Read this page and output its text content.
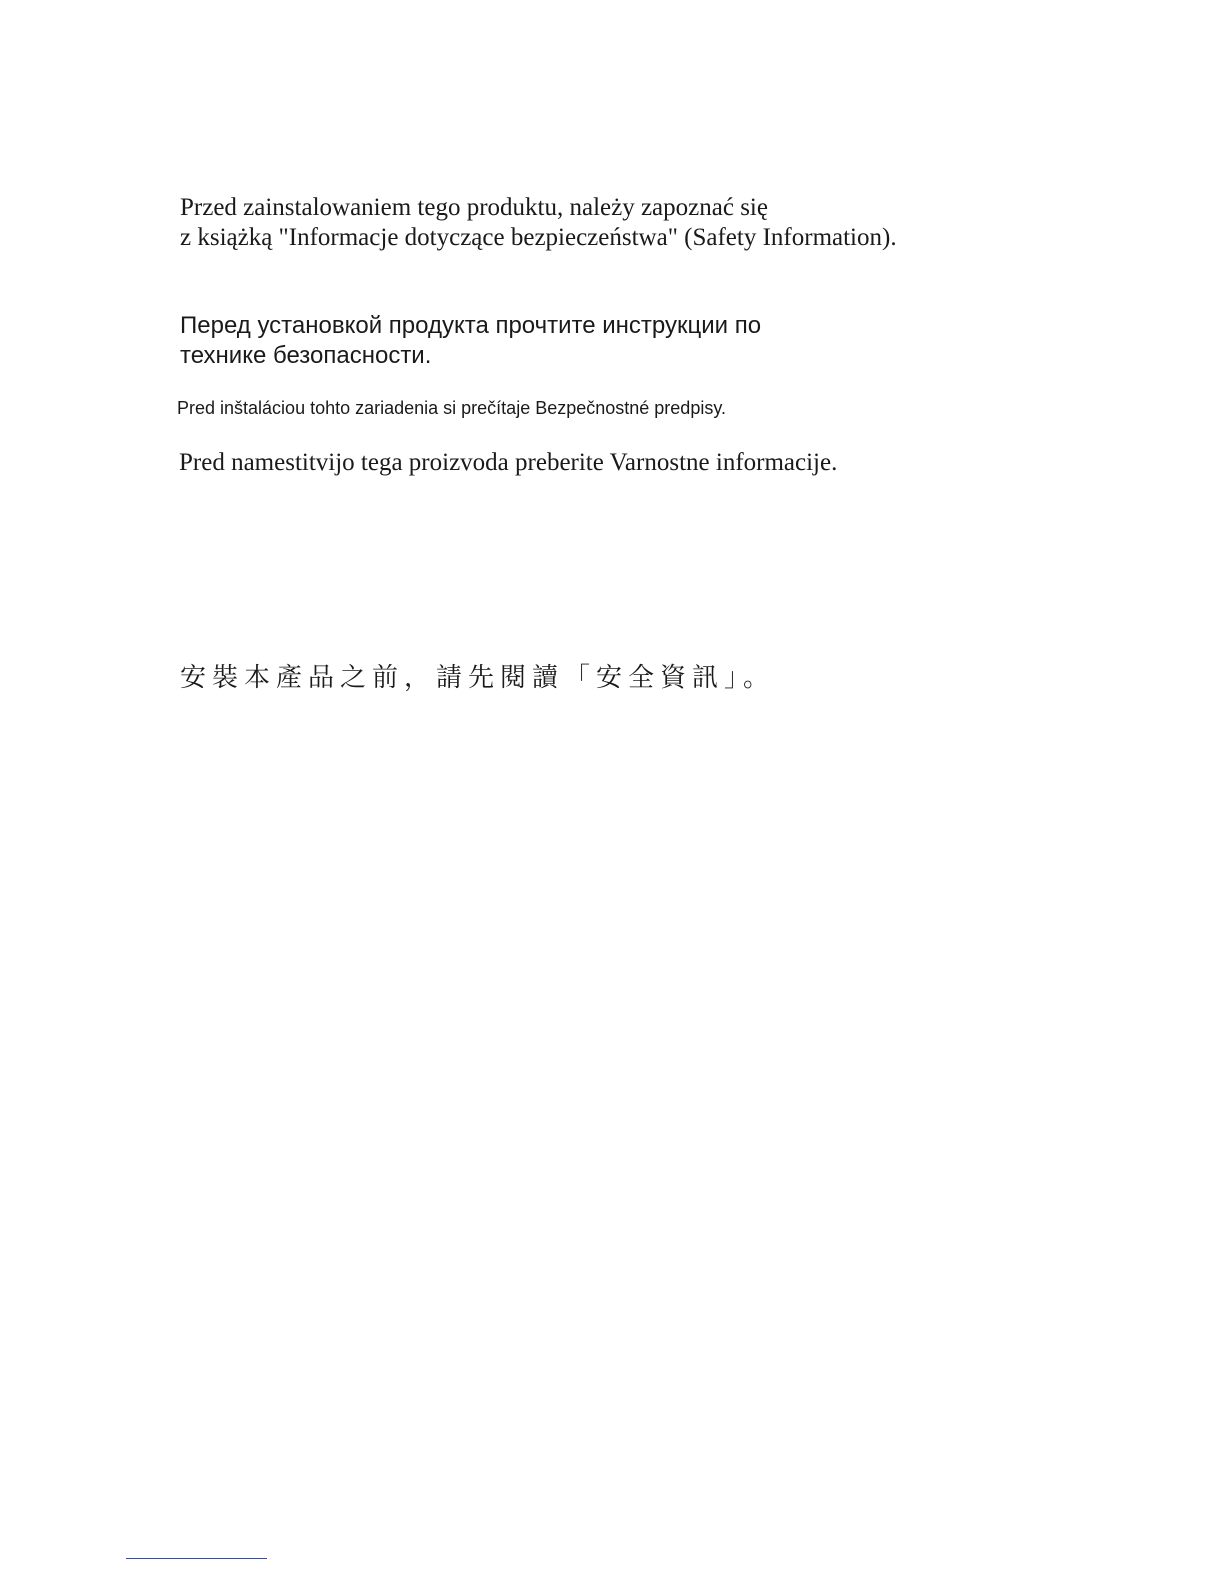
Przed zainstalowaniem tego produktu, należy zapoznać się
z książką "Informacje dotyczące bezpieczeństwa" (Safety Information).

Перед установкой продукта прочтите инструкции по
технике безопасности.

Pred inštaláciou tohto zariadenia si prečítaje Bezpečnostné predpisy.

Pred namestitvijo tega proizvoda preberite Varnostne informacije.

安裝本產品之前，請先閱讀「安全資訊」。
